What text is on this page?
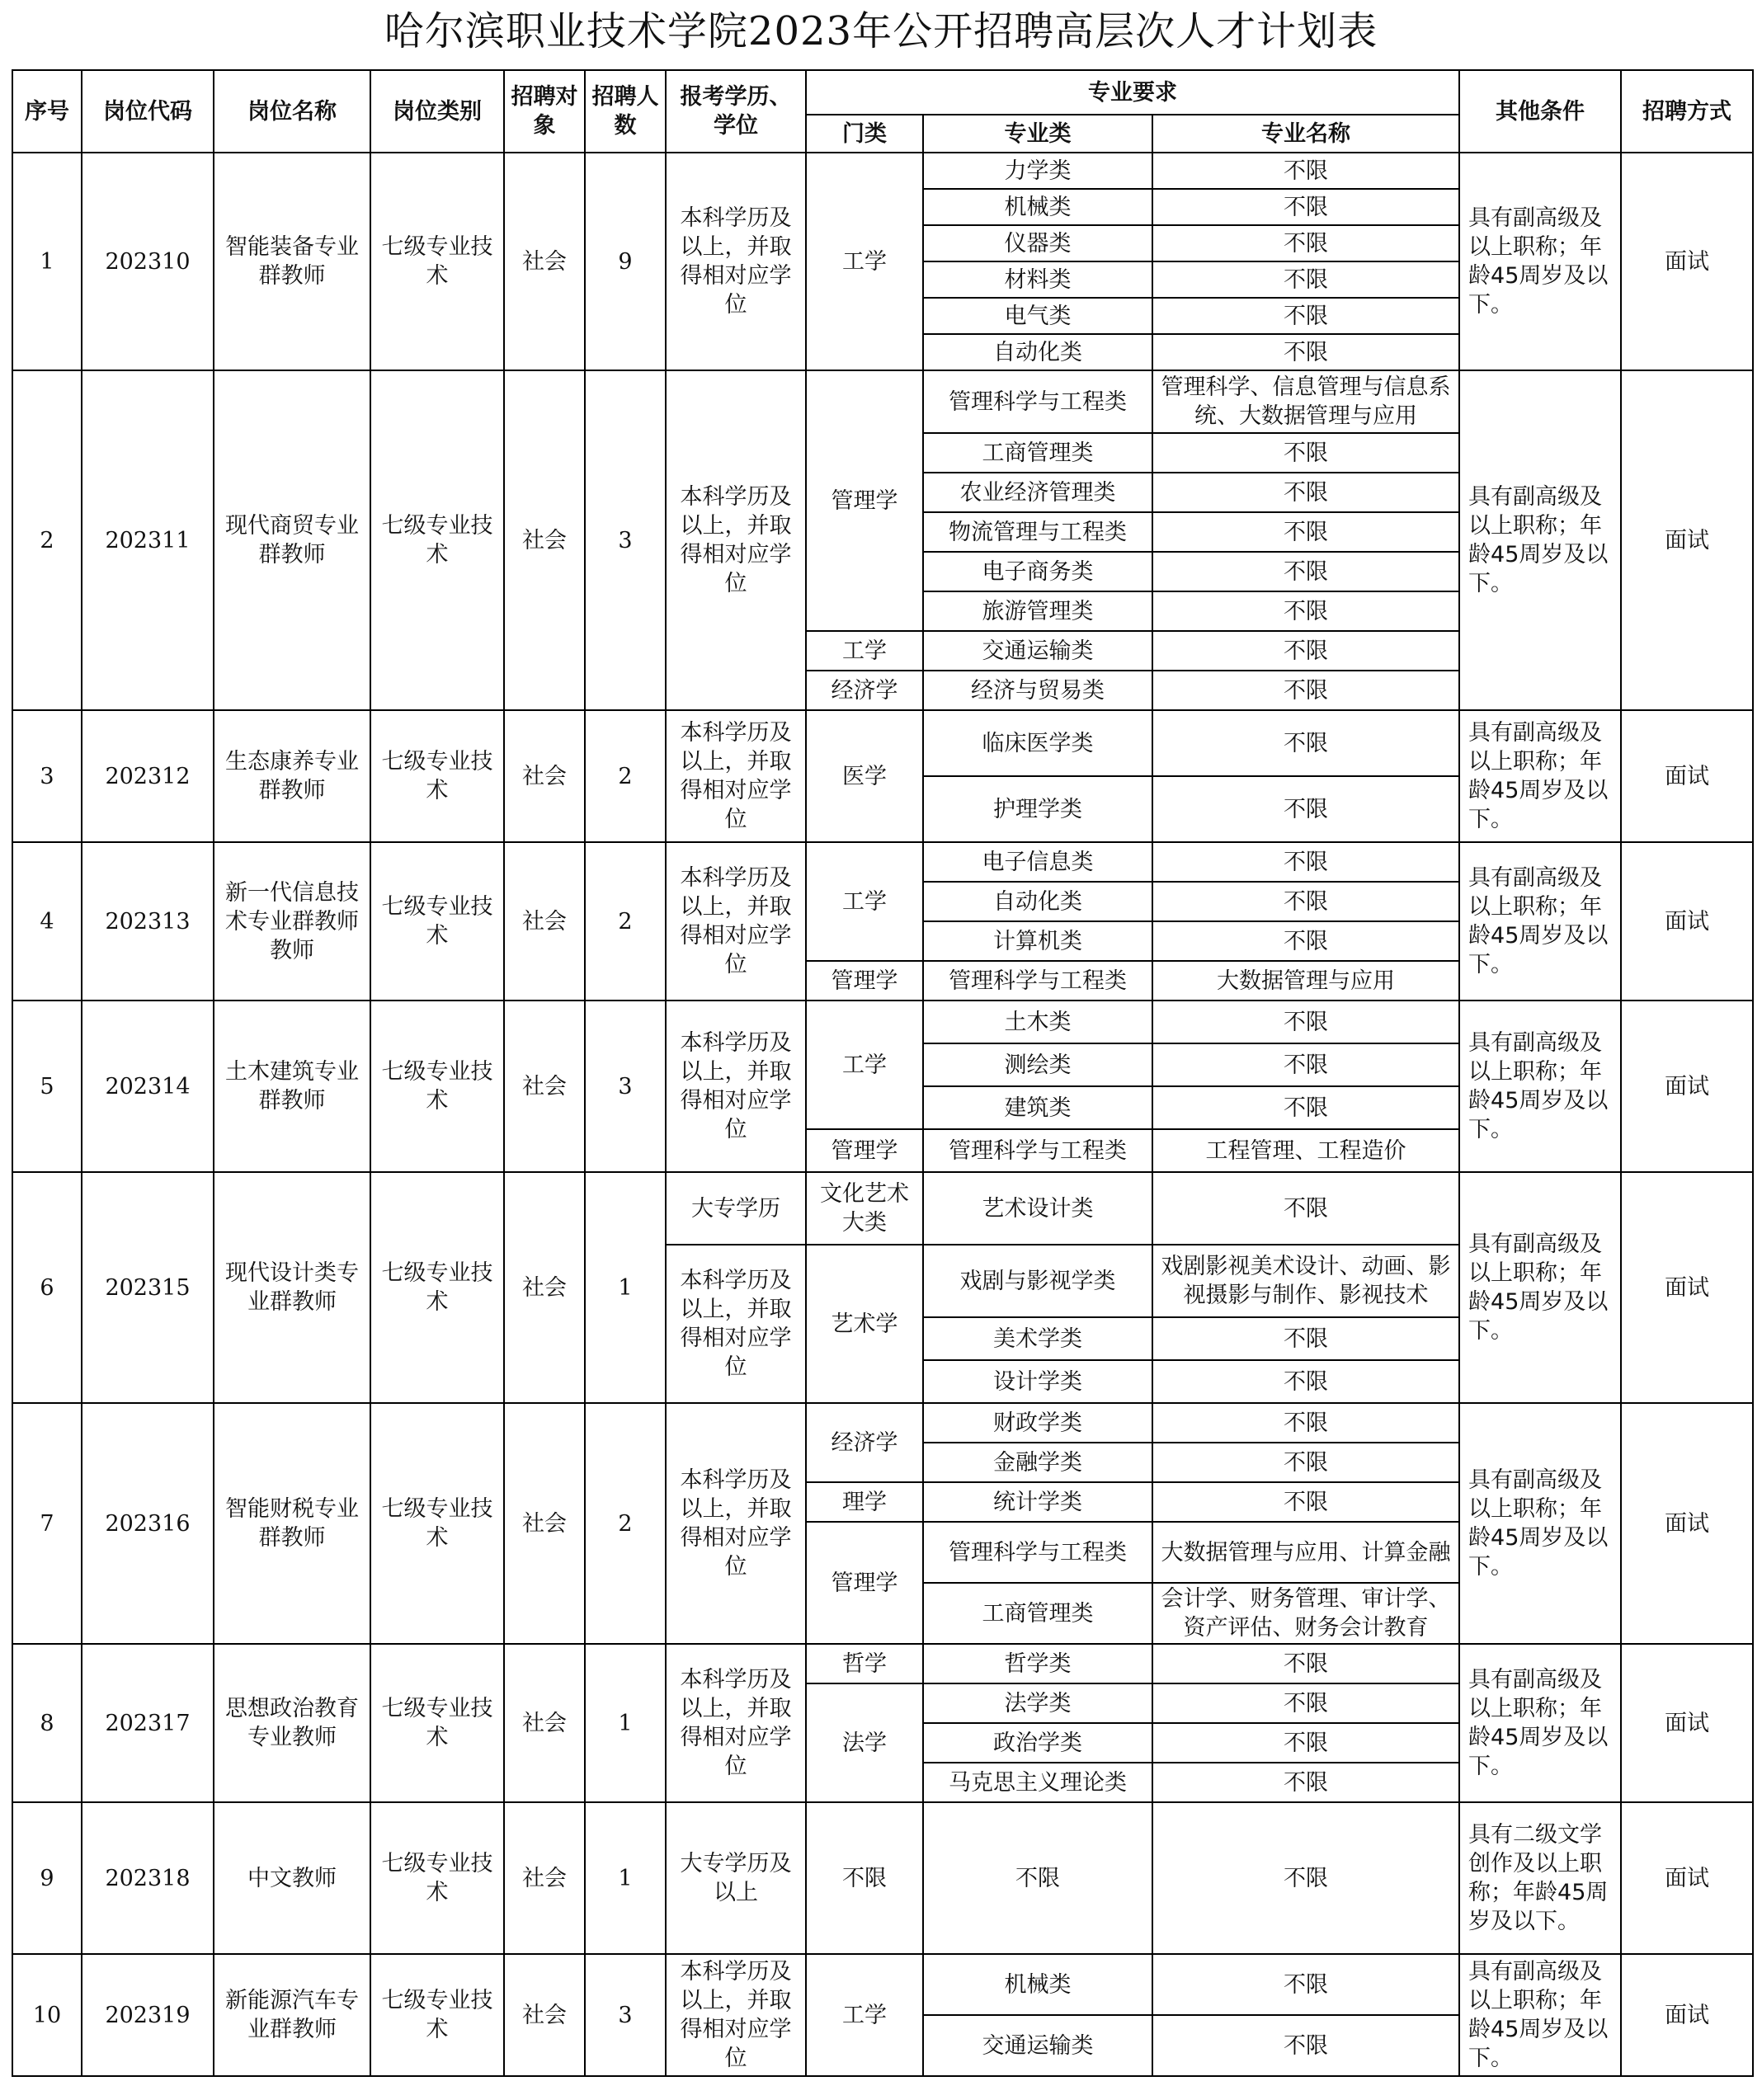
哈尔滨职业技术学院2023年公开招聘高层次人才计划表
序号	岗位代码	岗位名称	岗位类别	招聘对象	招聘人数	报考学历、学位	专业要求			其他条件	招聘方式
							门类	专业类	专业名称		
1	202310	智能装备专业群教师	七级专业技术	社会	9	本科学历及以上，并取得相对应学位	工学	力学类	不限	具有副高级及以上职称；年龄45周岁及以下。	面试
								机械类	不限		
								仪器类	不限		
								材料类	不限		
								电气类	不限		
								自动化类	不限		
2	202311	现代商贸专业群教师	七级专业技术	社会	3	本科学历及以上，并取得相对应学位	管理学	管理科学与工程类	管理科学、信息管理与信息系统、大数据管理与应用	具有副高级及以上职称；年龄45周岁及以下。	面试
								工商管理类	不限		
								农业经济管理类	不限		
								物流管理与工程类	不限		
								电子商务类	不限		
								旅游管理类	不限		
							工学	交通运输类	不限		
							经济学	经济与贸易类	不限		
3	202312	生态康养专业群教师	七级专业技术	社会	2	本科学历及以上，并取得相对应学位	医学	临床医学类	不限	具有副高级及以上职称；年龄45周岁及以下。	面试
								护理学类	不限		
4	202313	新一代信息技术专业群教师教师	七级专业技术	社会	2	本科学历及以上，并取得相对应学位	工学	电子信息类	不限	具有副高级及以上职称；年龄45周岁及以下。	面试
								自动化类	不限		
								计算机类	不限		
							管理学	管理科学与工程类	大数据管理与应用		
5	202314	土木建筑专业群教师	七级专业技术	社会	3	本科学历及以上，并取得相对应学位	工学	土木类	不限	具有副高级及以上职称；年龄45周岁及以下。	面试
								测绘类	不限		
								建筑类	不限		
							管理学	管理科学与工程类	工程管理、工程造价		
6	202315	现代设计类专业群教师	七级专业技术	社会	1	大专学历	文化艺术大类	艺术设计类	不限	具有副高级及以上职称；年龄45周岁及以下。	面试
						本科学历及以上，并取得相对应学位	艺术学	戏剧与影视学类	戏剧影视美术设计、动画、影视摄影与制作、影视技术		
								美术学类	不限		
								设计学类	不限		
7	202316	智能财税专业群教师	七级专业技术	社会	2	本科学历及以上，并取得相对应学位	经济学	财政学类	不限	具有副高级及以上职称；年龄45周岁及以下。	面试
								金融学类	不限		
							理学	统计学类	不限		
							管理学	管理科学与工程类	大数据管理与应用、计算金融		
								工商管理类	会计学、财务管理、审计学、资产评估、财务会计教育		
8	202317	思想政治教育专业教师	七级专业技术	社会	1	本科学历及以上，并取得相对应学位	哲学	哲学类	不限	具有副高级及以上职称；年龄45周岁及以下。	面试
							法学	法学类	不限		
								政治学类	不限		
								马克思主义理论类	不限		
9	202318	中文教师	七级专业技术	社会	1	大专学历及以上	不限	不限	不限	具有二级文学创作及以上职称；年龄45周岁及以下。	面试
10	202319	新能源汽车专业群教师	七级专业技术	社会	3	本科学历及以上，并取得相对应学位	工学	机械类	不限	具有副高级及以上职称；年龄45周岁及以下。	面试
								交通运输类	不限		
